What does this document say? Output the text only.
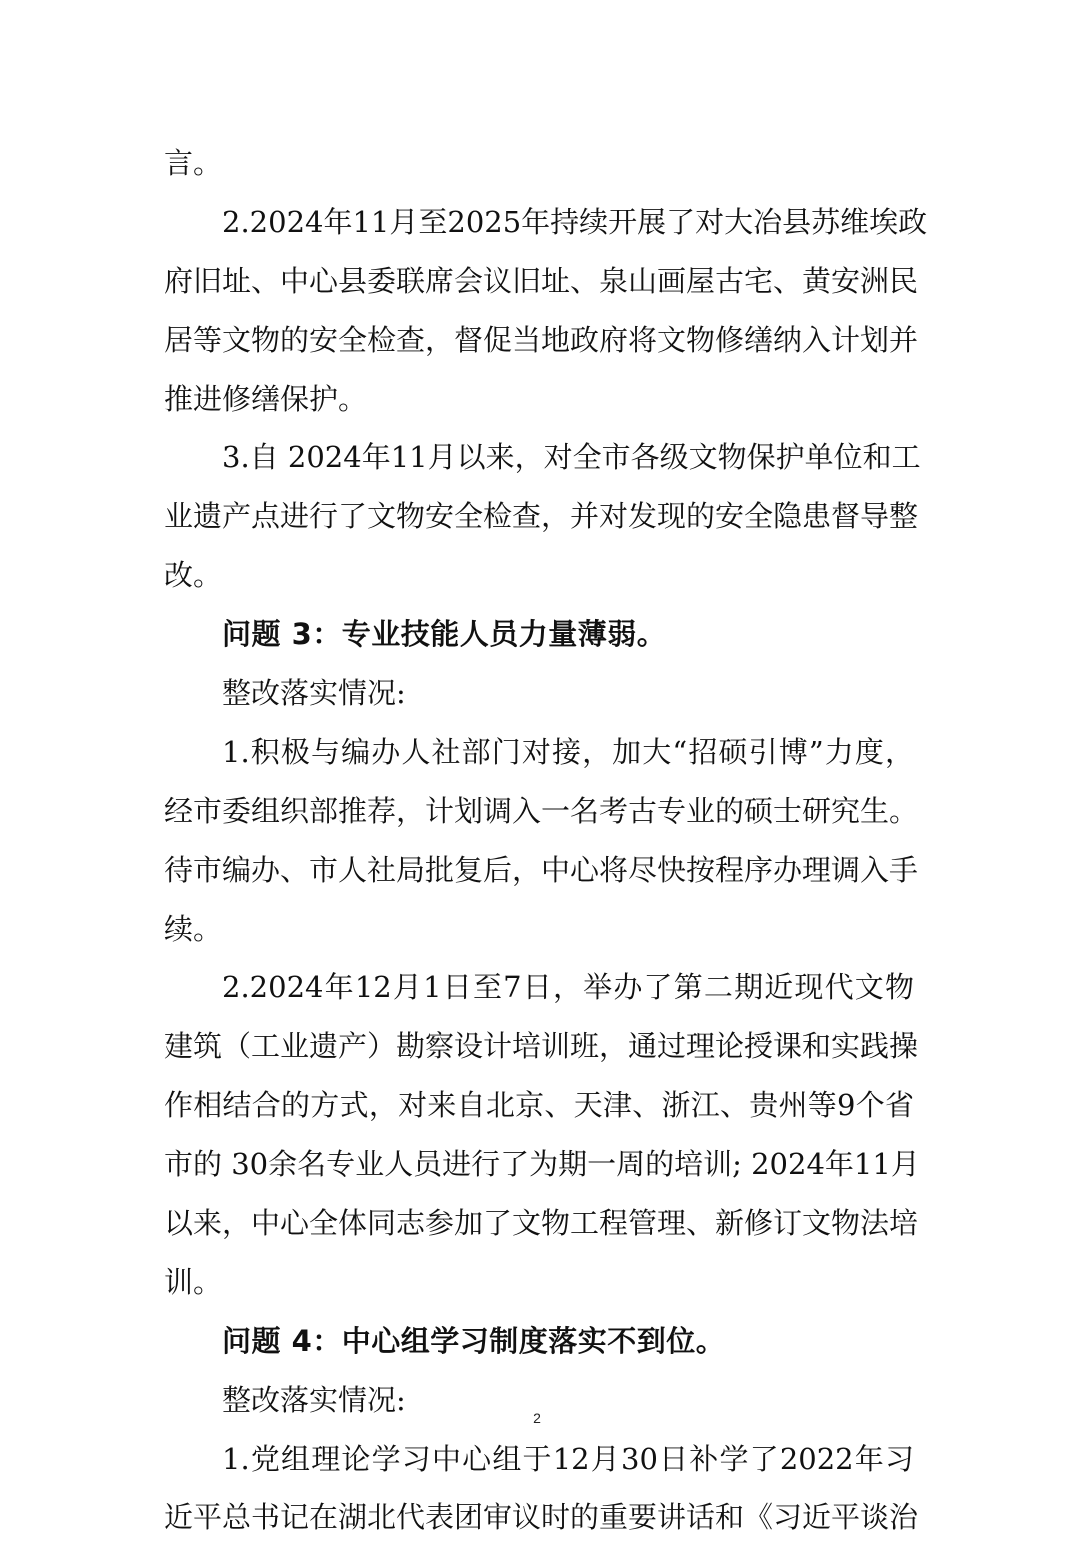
言。
2.2024年11月至2025年持续开展了对大冶县苏维埃政
府旧址、中心县委联席会议旧址、泉山画屋古宅、黄安洲民
居等文物的安全检查，督促当地政府将文物修缮纳入计划并
推进修缮保护。
3.自 2024年11月以来，对全市各级文物保护单位和工
业遗产点进行了文物安全检查，并对发现的安全隐患督导整
改。
问题 3：专业技能人员力量薄弱。
整改落实情况:
1.积极与编办人社部门对接，加大“招硕引博”力度，
经市委组织部推荐，计划调入一名考古专业的硕士研究生。
待市编办、市人社局批复后，中心将尽快按程序办理调入手
续。
2.2024年12月1日至7日，举办了第二期近现代文物
建筑（工业遗产）勘察设计培训班，通过理论授课和实践操
作相结合的方式，对来自北京、天津、浙江、贵州等9个省
市的 30余名专业人员进行了为期一周的培训; 2024年11月
以来，中心全体同志参加了文物工程管理、新修订文物法培
训。
问题 4：中心组学习制度落实不到位。
整改落实情况:
1.党组理论学习中心组于12月30日补学了2022年习
近平总书记在湖北代表团审议时的重要讲话和《习近平谈治
2
